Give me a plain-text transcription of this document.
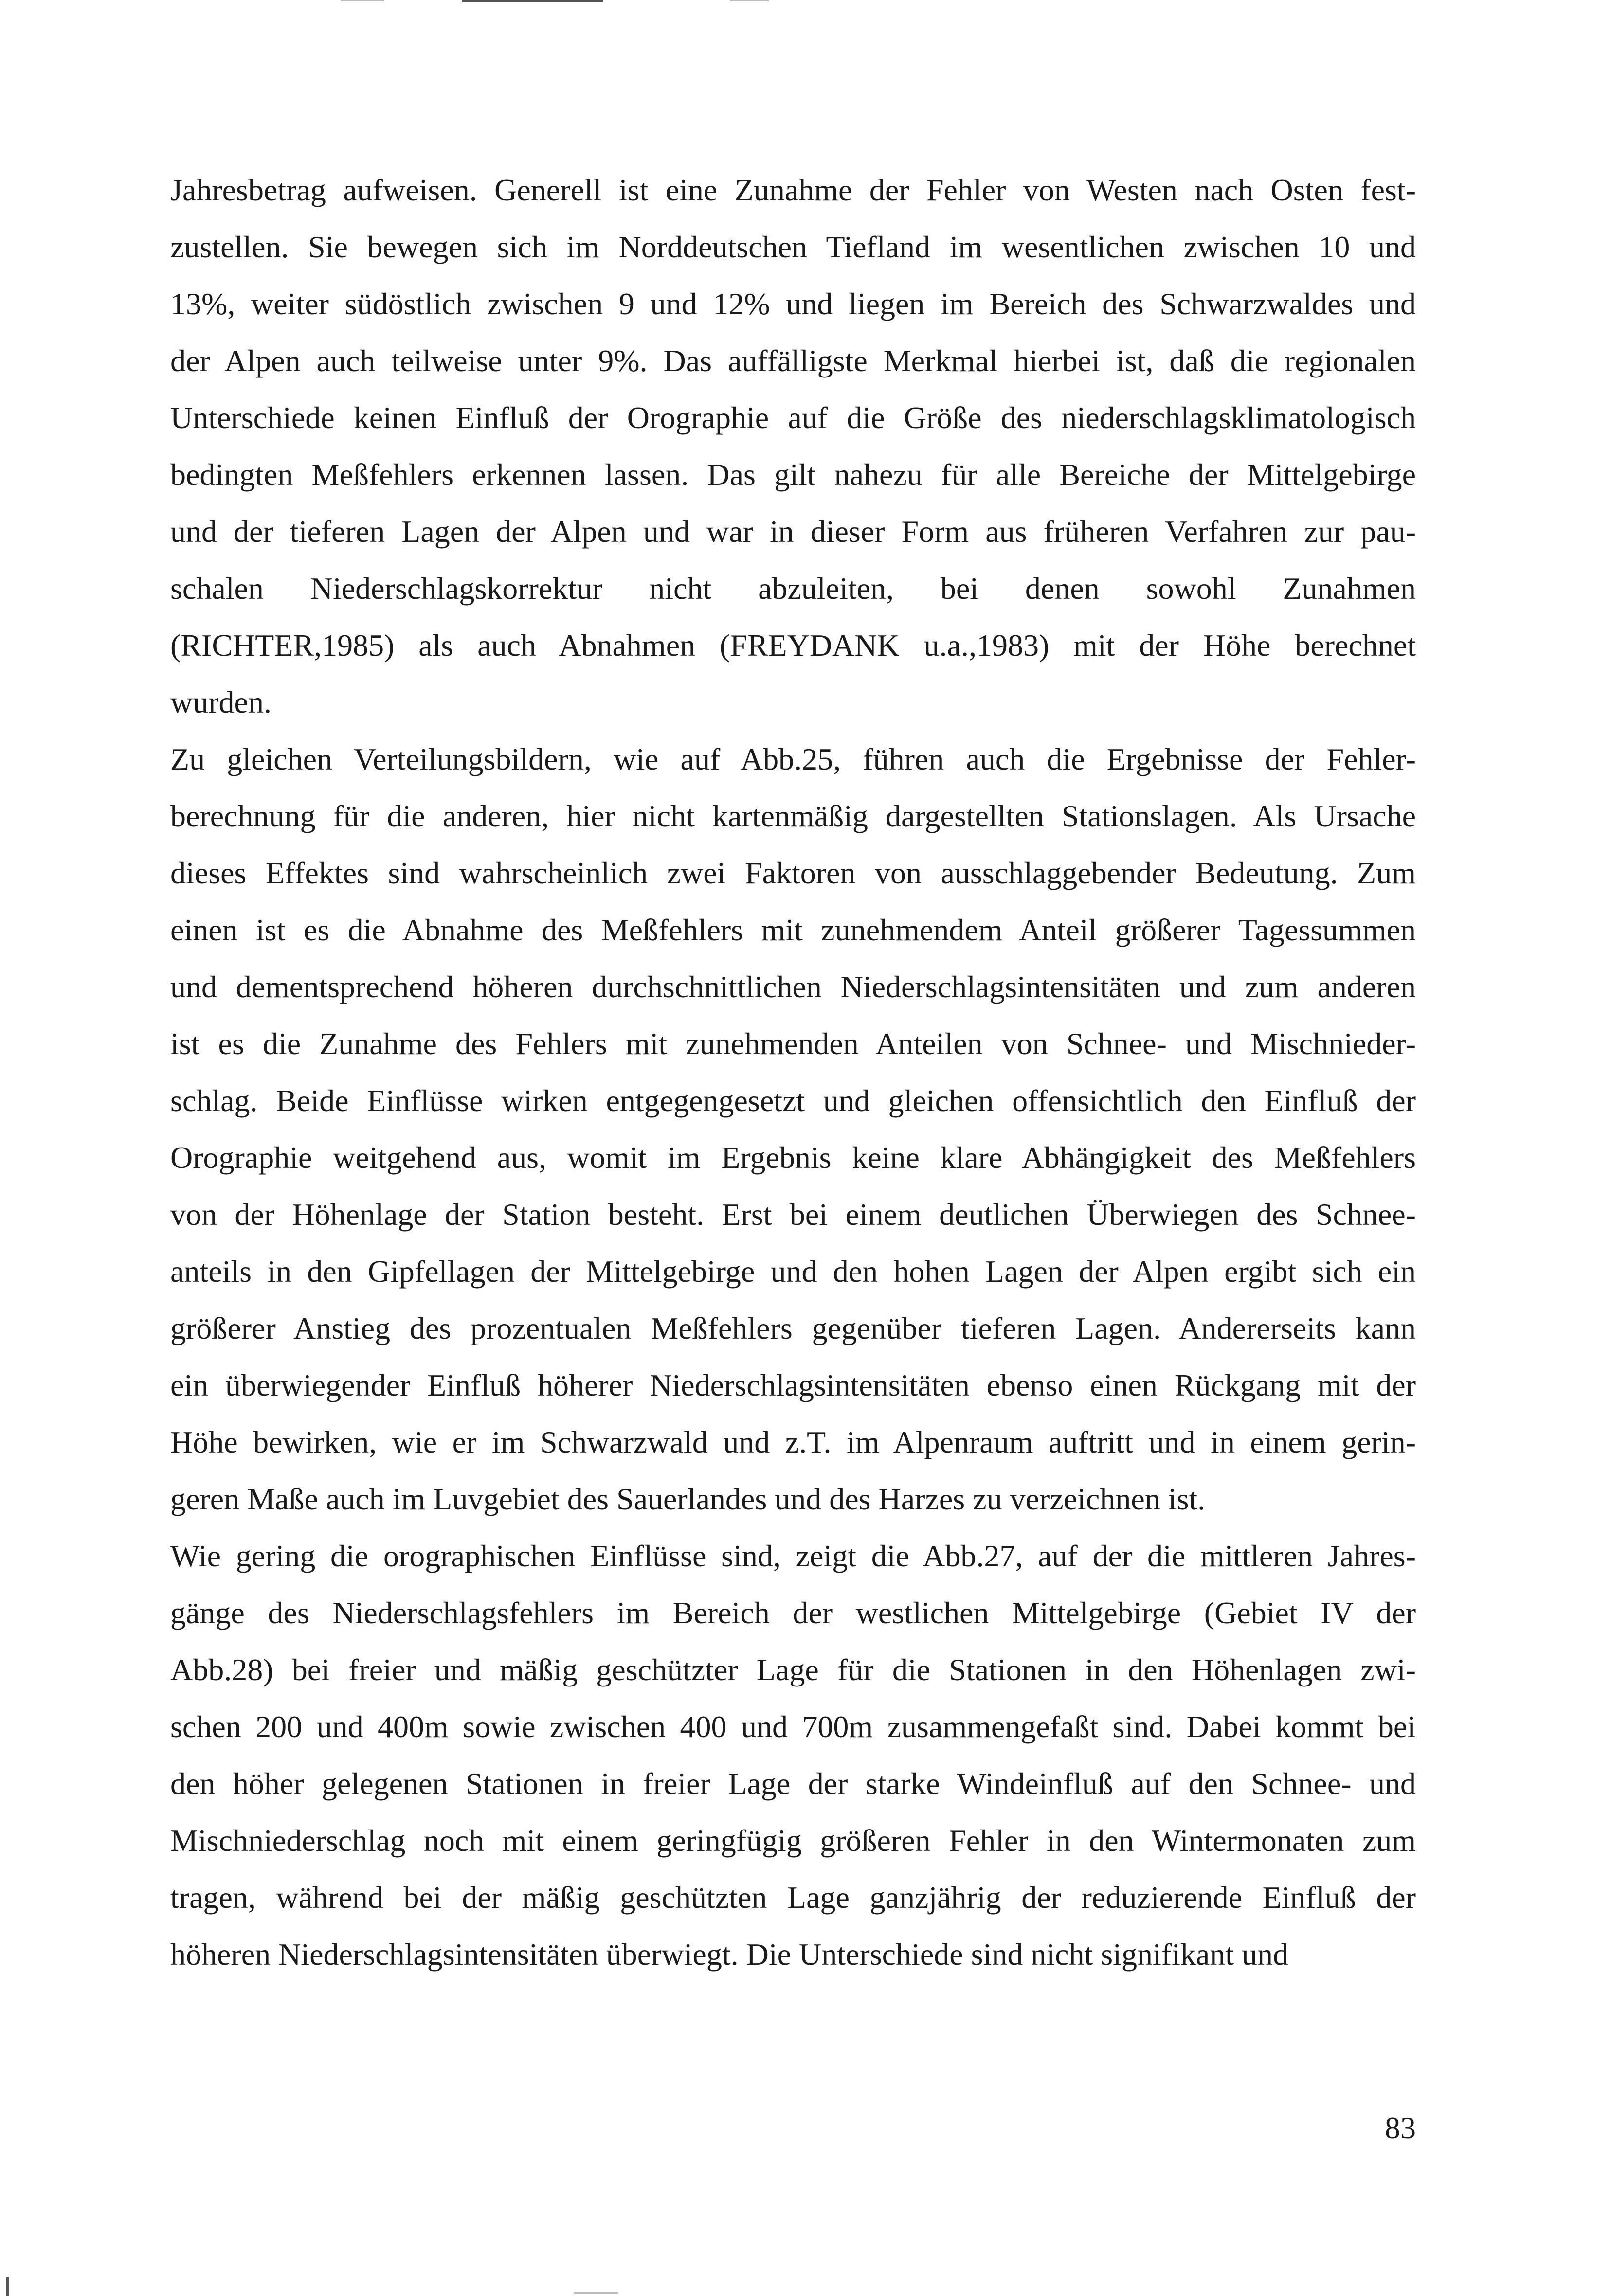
Jahresbetrag aufweisen. Generell ist eine Zunahme der Fehler von Westen nach Osten fest-
zustellen. Sie bewegen sich im Norddeutschen Tiefland im wesentlichen zwischen 10 und
13%, weiter südöstlich zwischen 9 und 12% und liegen im Bereich des Schwarzwaldes und
der Alpen auch teilweise unter 9%. Das auffälligste Merkmal hierbei ist, daß die regionalen
Unterschiede keinen Einfluß der Orographie auf die Größe des niederschlagsklimatologisch
bedingten Meßfehlers erkennen lassen. Das gilt nahezu für alle Bereiche der Mittelgebirge
und der tieferen Lagen der Alpen und war in dieser Form aus früheren Verfahren zur pau-
schalen Niederschlagskorrektur nicht abzuleiten, bei denen sowohl Zunahmen
(RICHTER,1985) als auch Abnahmen (FREYDANK u.a.,1983) mit der Höhe berechnet
wurden.
Zu gleichen Verteilungsbildern, wie auf Abb.25, führen auch die Ergebnisse der Fehler-
berechnung für die anderen, hier nicht kartenmäßig dargestellten Stationslagen. Als Ursache
dieses Effektes sind wahrscheinlich zwei Faktoren von ausschlaggebender Bedeutung. Zum
einen ist es die Abnahme des Meßfehlers mit zunehmendem Anteil größerer Tagessummen
und dementsprechend höheren durchschnittlichen Niederschlagsintensitäten und zum anderen
ist es die Zunahme des Fehlers mit zunehmenden Anteilen von Schnee- und Mischnieder-
schlag. Beide Einflüsse wirken entgegengesetzt und gleichen offensichtlich den Einfluß der
Orographie weitgehend aus, womit im Ergebnis keine klare Abhängigkeit des Meßfehlers
von der Höhenlage der Station besteht. Erst bei einem deutlichen Überwiegen des Schnee-
anteils in den Gipfellagen der Mittelgebirge und den hohen Lagen der Alpen ergibt sich ein
größerer Anstieg des prozentualen Meßfehlers gegenüber tieferen Lagen. Andererseits kann
ein überwiegender Einfluß höherer Niederschlagsintensitäten ebenso einen Rückgang mit der
Höhe bewirken, wie er im Schwarzwald und z.T. im Alpenraum auftritt und in einem gerin-
geren Maße auch im Luvgebiet des Sauerlandes und des Harzes zu verzeichnen ist.
Wie gering die orographischen Einflüsse sind, zeigt die Abb.27, auf der die mittleren Jahres-
gänge des Niederschlagsfehlers im Bereich der westlichen Mittelgebirge (Gebiet IV der
Abb.28) bei freier und mäßig geschützter Lage für die Stationen in den Höhenlagen zwi-
schen 200 und 400m sowie zwischen 400 und 700m zusammengefaßt sind. Dabei kommt bei
den höher gelegenen Stationen in freier Lage der starke Windeinfluß auf den Schnee- und
Mischniederschlag noch mit einem geringfügig größeren Fehler in den Wintermonaten zum
tragen, während bei der mäßig geschützten Lage ganzjährig der reduzierende Einfluß der
höheren Niederschlagsintensitäten überwiegt. Die Unterschiede sind nicht signifikant und
83
